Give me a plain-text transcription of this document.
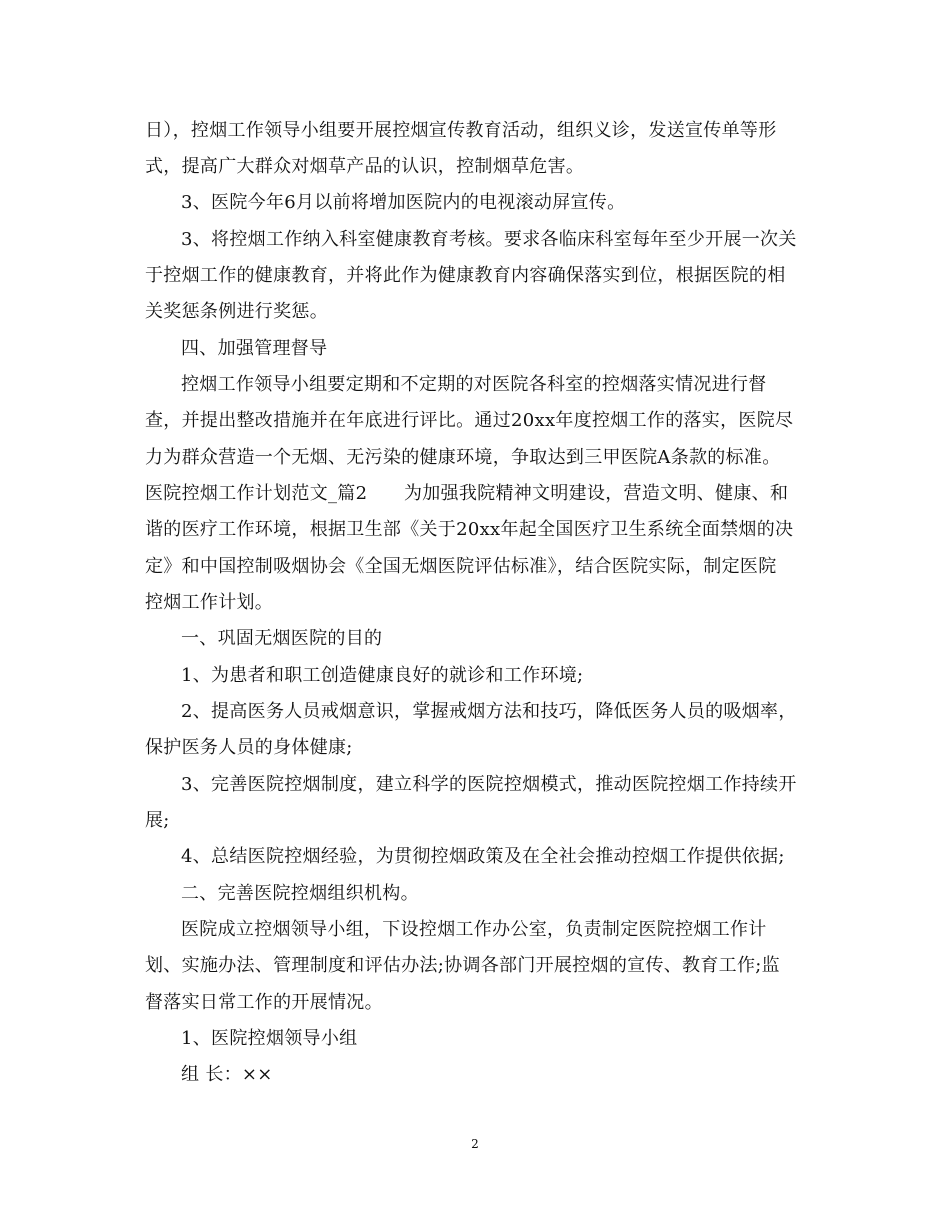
日），控烟工作领导小组要开展控烟宣传教育活动，组织义诊，发送宣传单等形
式，提高广大群众对烟草产品的认识，控制烟草危害。
3、医院今年6月以前将增加医院内的电视滚动屏宣传。
3、将控烟工作纳入科室健康教育考核。要求各临床科室每年至少开展一次关
于控烟工作的健康教育，并将此作为健康教育内容确保落实到位，根据医院的相
关奖惩条例进行奖惩。
四、加强管理督导
控烟工作领导小组要定期和不定期的对医院各科室的控烟落实情况进行督
查，并提出整改措施并在年底进行评比。通过20xx年度控烟工作的落实，医院尽
力为群众营造一个无烟、无污染的健康环境，争取达到三甲医院A条款的标准。
医院控烟工作计划范文_篇2　　为加强我院精神文明建设，营造文明、健康、和
谐的医疗工作环境，根据卫生部《关于20xx年起全国医疗卫生系统全面禁烟的决
定》和中国控制吸烟协会《全国无烟医院评估标准》，结合医院实际，制定医院
控烟工作计划。
一、巩固无烟医院的目的
1、为患者和职工创造健康良好的就诊和工作环境;
2、提高医务人员戒烟意识，掌握戒烟方法和技巧，降低医务人员的吸烟率，
保护医务人员的身体健康;
3、完善医院控烟制度，建立科学的医院控烟模式，推动医院控烟工作持续开
展;
4、总结医院控烟经验，为贯彻控烟政策及在全社会推动控烟工作提供依据;
二、完善医院控烟组织机构。
医院成立控烟领导小组，下设控烟工作办公室，负责制定医院控烟工作计
划、实施办法、管理制度和评估办法;协调各部门开展控烟的宣传、教育工作;监
督落实日常工作的开展情况。
1、医院控烟领导小组
组 长：××
2
